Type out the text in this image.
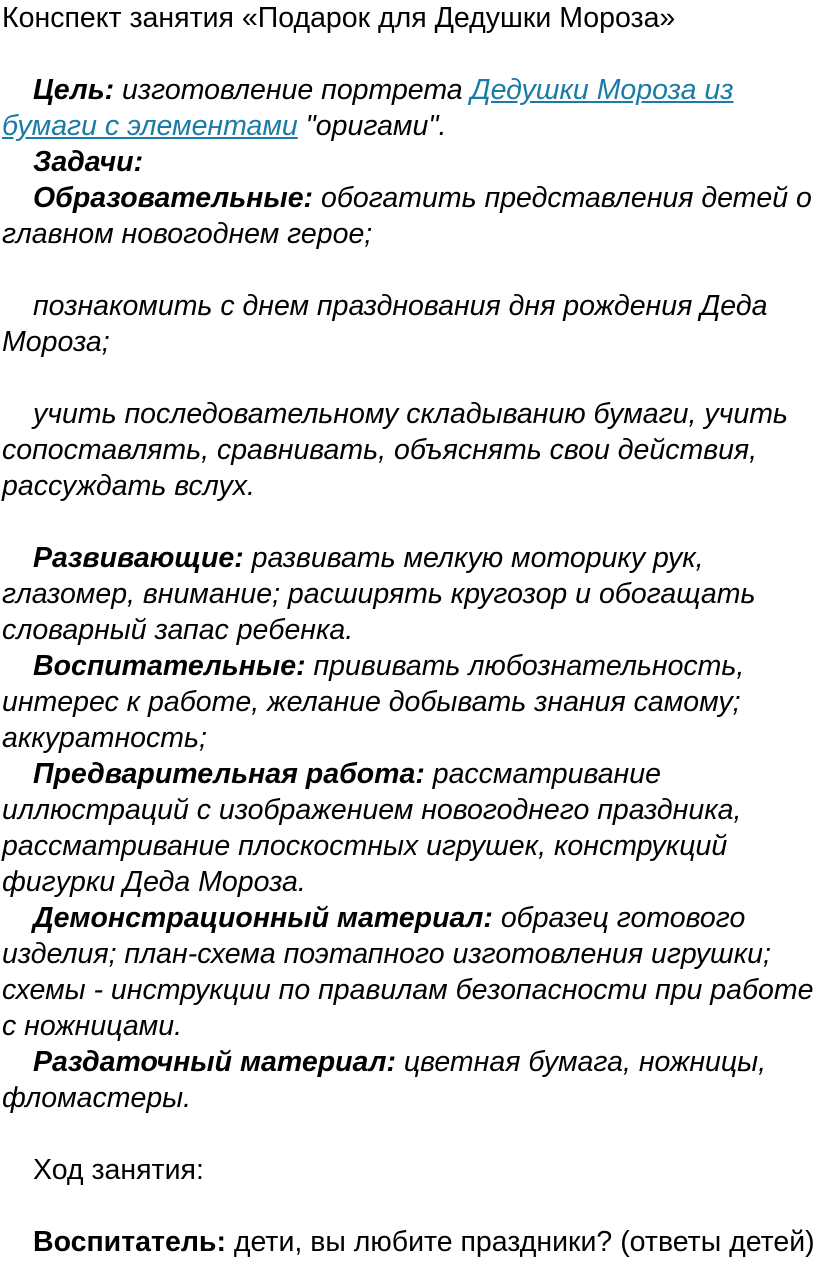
Конспект занятия «Подарок для Дедушки Мороза»

Цель: изготовление портрета Дедушки Мороза из бумаги с элементами "оригами".

Задачи:

Образовательные: обогатить представления детей о главном новогоднем герое;

познакомить с днем празднования дня рождения Деда Мороза;

учить последовательному складыванию бумаги, учить сопоставлять, сравнивать, объяснять свои действия, рассуждать вслух.

Развивающие: развивать мелкую моторику рук, глазомер, внимание; расширять кругозор и обогащать словарный запас ребенка.

Воспитательные: прививать любознательность, интерес к работе, желание добывать знания самому; аккуратность;

Предварительная работа: рассматривание иллюстраций с изображением новогоднего праздника, рассматривание плоскостных игрушек, конструкций фигурки Деда Мороза.

Демонстрационный материал: образец готового изделия; план-схема поэтапного изготовления игрушки; схемы - инструкции по правилам безопасности при работе с ножницами.

Раздаточный материал: цветная бумага, ножницы, фломастеры.

Ход занятия:

Воспитатель: дети, вы любите праздники? (ответы детей)
